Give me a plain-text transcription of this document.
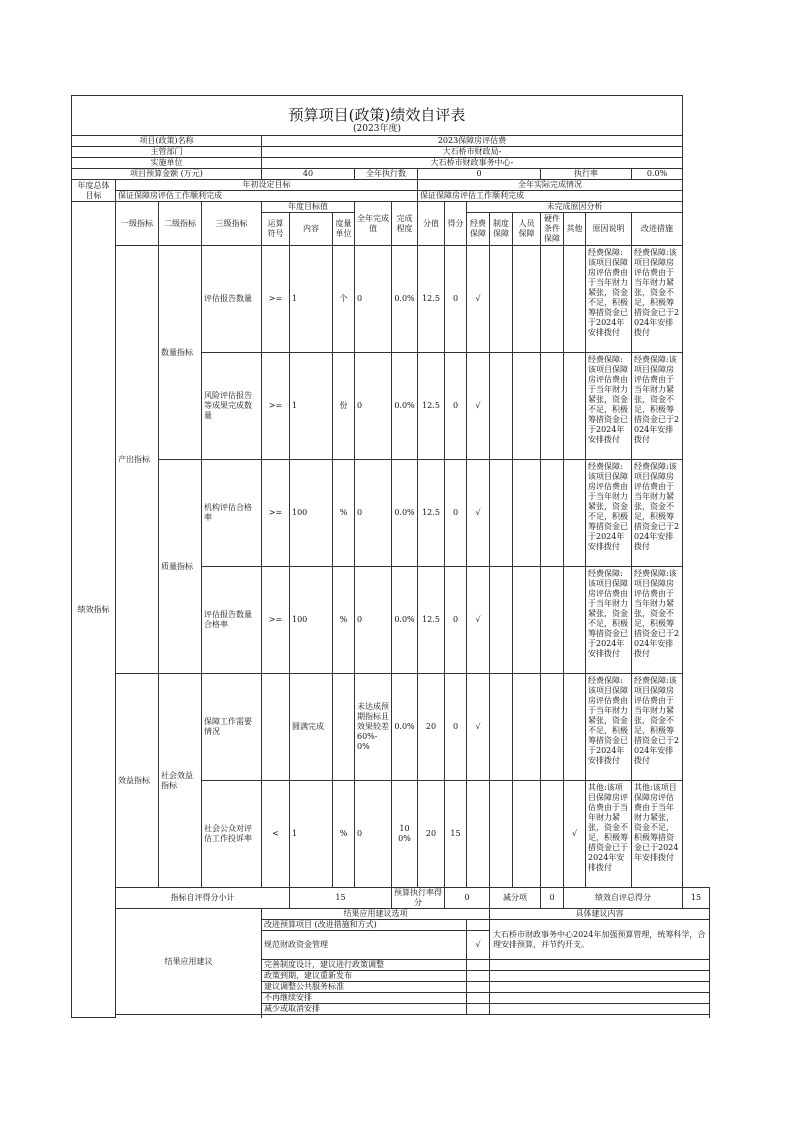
预算项目(政策)绩效自评表
(2023年度)																		

项目(政策)名称				2023保障房评估费														
主管部门				大石桥市财政局-														
实施单位				大石桥市财政事务中心-														
项目预算金额 (万元)				40			全年执行数		0					执行率			0.0%	
年度总体
目标	年初设定目标								全年实际完成情况									
	保证保障房评估工作顺利完成								保证保障房评估工作顺利完成									
绩效指标	一级指标	二级指标	三级指标	年度目标值			全年完成值	完成程度	分值	得分	未完成原因分析							
				运算符号	内容	度量单位					经费保障	制度保障	人员保障	硬件条件保障	其他	原因说明	改进措施	
	产出指标	数量指标	评估报告数量	>=	1	个	0	0.0%	12.5	0	√					经费保障:该项目保障房评估费由于当年财力紧张，资金不足，积极筹措资金已于2024年安排拨付	经费保障:该项目保障房评估费由于当年财力紧张，资金不足，积极筹措资金已于2024年安排拨付	
			风险评估报告等成果完成数量	>=	1	份	0	0.0%	12.5	0	√					经费保障:该项目保障房评估费由于当年财力紧张，资金不足，积极筹措资金已于2024年安排拨付	经费保障:该项目保障房评估费由于当年财力紧张，资金不足，积极筹措资金已于2024年安排拨付	
		质量指标	机构评估合格率	>=	100	%	0	0.0%	12.5	0	√					经费保障:该项目保障房评估费由于当年财力紧张，资金不足，积极筹措资金已于2024年安排拨付	经费保障:该项目保障房评估费由于当年财力紧张，资金不足，积极筹措资金已于2024年安排拨付	
			评估报告数量合格率	>=	100	%	0	0.0%	12.5	0	√					经费保障:该项目保障房评估费由于当年财力紧张，资金不足，积极筹措资金已于2024年安排拨付	经费保障:该项目保障房评估费由于当年财力紧张，资金不足，积极筹措资金已于2024年安排拨付	
	效益指标	社会效益指标	保障工作需要情况		圆满完成		未达成预期指标且效果较差60%-0%	0.0%	20	0	√					经费保障:该项目保障房评估费由于当年财力紧张，资金不足，积极筹措资金已于2024年安排拨付	经费保障:该项目保障房评估费由于当年财力紧张，资金不足，积极筹措资金已于2024年安排拨付	
			社会公众对评估工作投诉率	<	1	%	0	100%	20	15					√	其他:该项目保障房评估费由于当年财力紧张，资金不足，积极筹措资金已于2024年安排拨付	其他:该项目保障房评估费由于当年财力紧张，资金不足，积极筹措资金已于2024年安排拨付	
	指标自评得分小计				15			预算执行率得分		0		减分项		0	绩效自评总得分			15
	结果应用建议			结果应用建议选项								具体建议内容						
				改进预算项目 (改进措施和方式)								大石桥市财政事务中心2024年加强预算管理，统筹科学，合理安排预算，并节约开支。						
				规范财政资金管理							√							
				完善制度设计，建议进行政策调整														
				政策到期，建议重新发布														
				建议调整公共服务标准														
				不再继续安排														
				减少或取消安排														
